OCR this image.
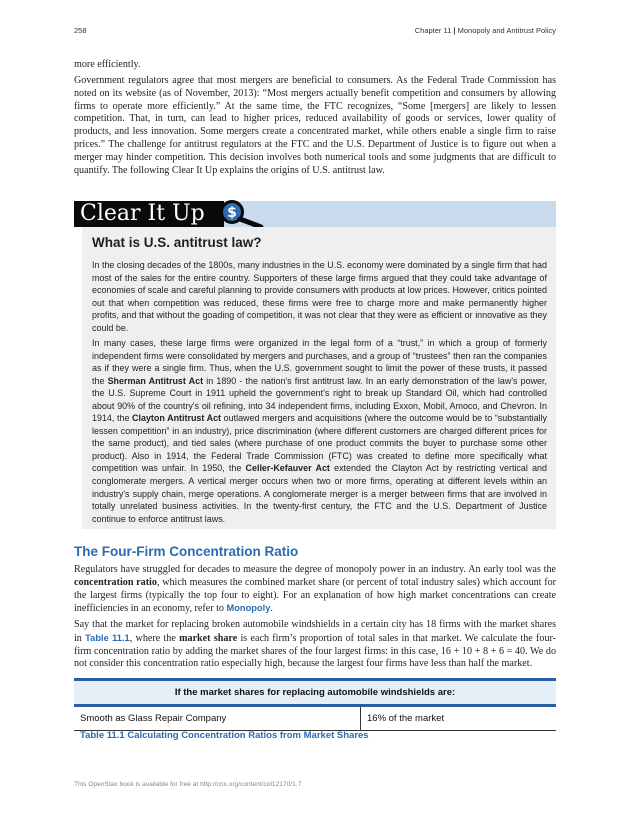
258	Chapter 11 | Monopoly and Antitrust Policy

more efficiently.

Government regulators agree that most mergers are beneficial to consumers. As the Federal Trade Commission has noted on its website (as of November, 2013): “Most mergers actually benefit competition and consumers by allowing firms to operate more efficiently.” At the same time, the FTC recognizes, “Some [mergers] are likely to lessen competition. That, in turn, can lead to higher prices, reduced availability of goods or services, lower quality of products, and less innovation. Some mergers create a concentrated market, while others enable a single firm to raise prices.” The challenge for antitrust regulators at the FTC and the U.S. Department of Justice is to figure out when a merger may hinder competition. This decision involves both numerical tools and some judgments that are difficult to quantify. The following Clear It Up explains the origins of U.S. antitrust law.

Clear It Up $
What is U.S. antitrust law?

In the closing decades of the 1800s, many industries in the U.S. economy were dominated by a single firm that had most of the sales for the entire country. Supporters of these large firms argued that they could take advantage of economies of scale and careful planning to provide consumers with products at low prices. However, critics pointed out that when competition was reduced, these firms were free to charge more and make permanently higher profits, and that without the goading of competition, it was not clear that they were as efficient or innovative as they could be.

In many cases, these large firms were organized in the legal form of a “trust,” in which a group of formerly independent firms were consolidated by mergers and purchases, and a group of “trustees” then ran the companies as if they were a single firm. Thus, when the U.S. government sought to limit the power of these trusts, it passed the Sherman Antitrust Act in 1890 - the nation's first antitrust law. In an early demonstration of the law's power, the U.S. Supreme Court in 1911 upheld the government's right to break up Standard Oil, which had controlled about 90% of the country's oil refining, into 34 independent firms, including Exxon, Mobil, Amoco, and Chevron. In 1914, the Clayton Antitrust Act outlawed mergers and acquisitions (where the outcome would be to “substantially lessen competition” in an industry), price discrimination (where different customers are charged different prices for the same product), and tied sales (where purchase of one product commits the buyer to purchase some other product). Also in 1914, the Federal Trade Commission (FTC) was created to define more specifically what competition was unfair. In 1950, the Celler-Kefauver Act extended the Clayton Act by restricting vertical and conglomerate mergers. A vertical merger occurs when two or more firms, operating at different levels within an industry's supply chain, merge operations. A conglomerate merger is a merger between firms that are involved in totally unrelated business activities. In the twenty-first century, the FTC and the U.S. Department of Justice continue to enforce antitrust laws.

The Four-Firm Concentration Ratio

Regulators have struggled for decades to measure the degree of monopoly power in an industry. An early tool was the concentration ratio, which measures the combined market share (or percent of total industry sales) which account for the largest firms (typically the top four to eight). For an explanation of how high market concentrations can create inefficiencies in an economy, refer to Monopoly.

Say that the market for replacing broken automobile windshields in a certain city has 18 firms with the market shares in Table 11.1, where the market share is each firm’s proportion of total sales in that market. We calculate the four-firm concentration ratio by adding the market shares of the four largest firms: in this case, 16 + 10 + 8 + 6 = 40. We do not consider this concentration ratio especially high, because the largest four firms have less than half the market.

If the market shares for replacing automobile windshields are:
Smooth as Glass Repair Company	16% of the market
Table 11.1 Calculating Concentration Ratios from Market Shares
This OpenStax book is available for free at http://cnx.org/content/col12170/1.7
